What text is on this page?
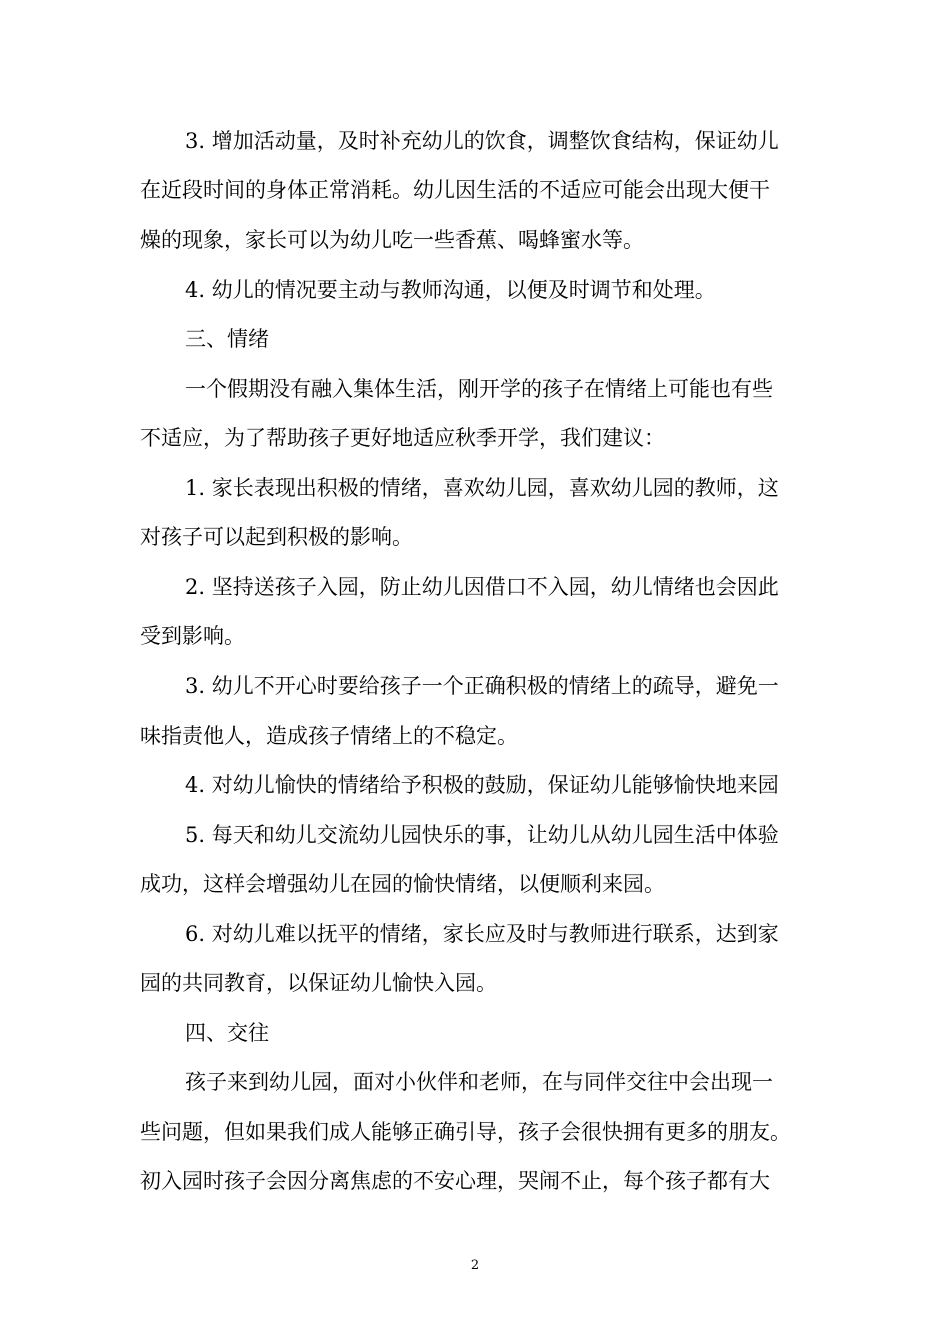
3. 增加活动量，及时补充幼儿的饮食，调整饮食结构，保证幼儿
在近段时间的身体正常消耗。幼儿因生活的不适应可能会出现大便干
燥的现象，家长可以为幼儿吃一些香蕉、喝蜂蜜水等。
4. 幼儿的情况要主动与教师沟通，以便及时调节和处理。
三、情绪
一个假期没有融入集体生活，刚开学的孩子在情绪上可能也有些
不适应，为了帮助孩子更好地适应秋季开学，我们建议：
1. 家长表现出积极的情绪，喜欢幼儿园，喜欢幼儿园的教师，这
对孩子可以起到积极的影响。
2. 坚持送孩子入园，防止幼儿因借口不入园，幼儿情绪也会因此
受到影响。
3. 幼儿不开心时要给孩子一个正确积极的情绪上的疏导，避免一
味指责他人，造成孩子情绪上的不稳定。
4. 对幼儿愉快的情绪给予积极的鼓励，保证幼儿能够愉快地来园
5. 每天和幼儿交流幼儿园快乐的事，让幼儿从幼儿园生活中体验
成功，这样会增强幼儿在园的愉快情绪，以便顺利来园。
6. 对幼儿难以抚平的情绪，家长应及时与教师进行联系，达到家
园的共同教育，以保证幼儿愉快入园。
四、交往
孩子来到幼儿园，面对小伙伴和老师，在与同伴交往中会出现一
些问题，但如果我们成人能够正确引导，孩子会很快拥有更多的朋友。
初入园时孩子会因分离焦虑的不安心理，哭闹不止，每个孩子都有大
2
